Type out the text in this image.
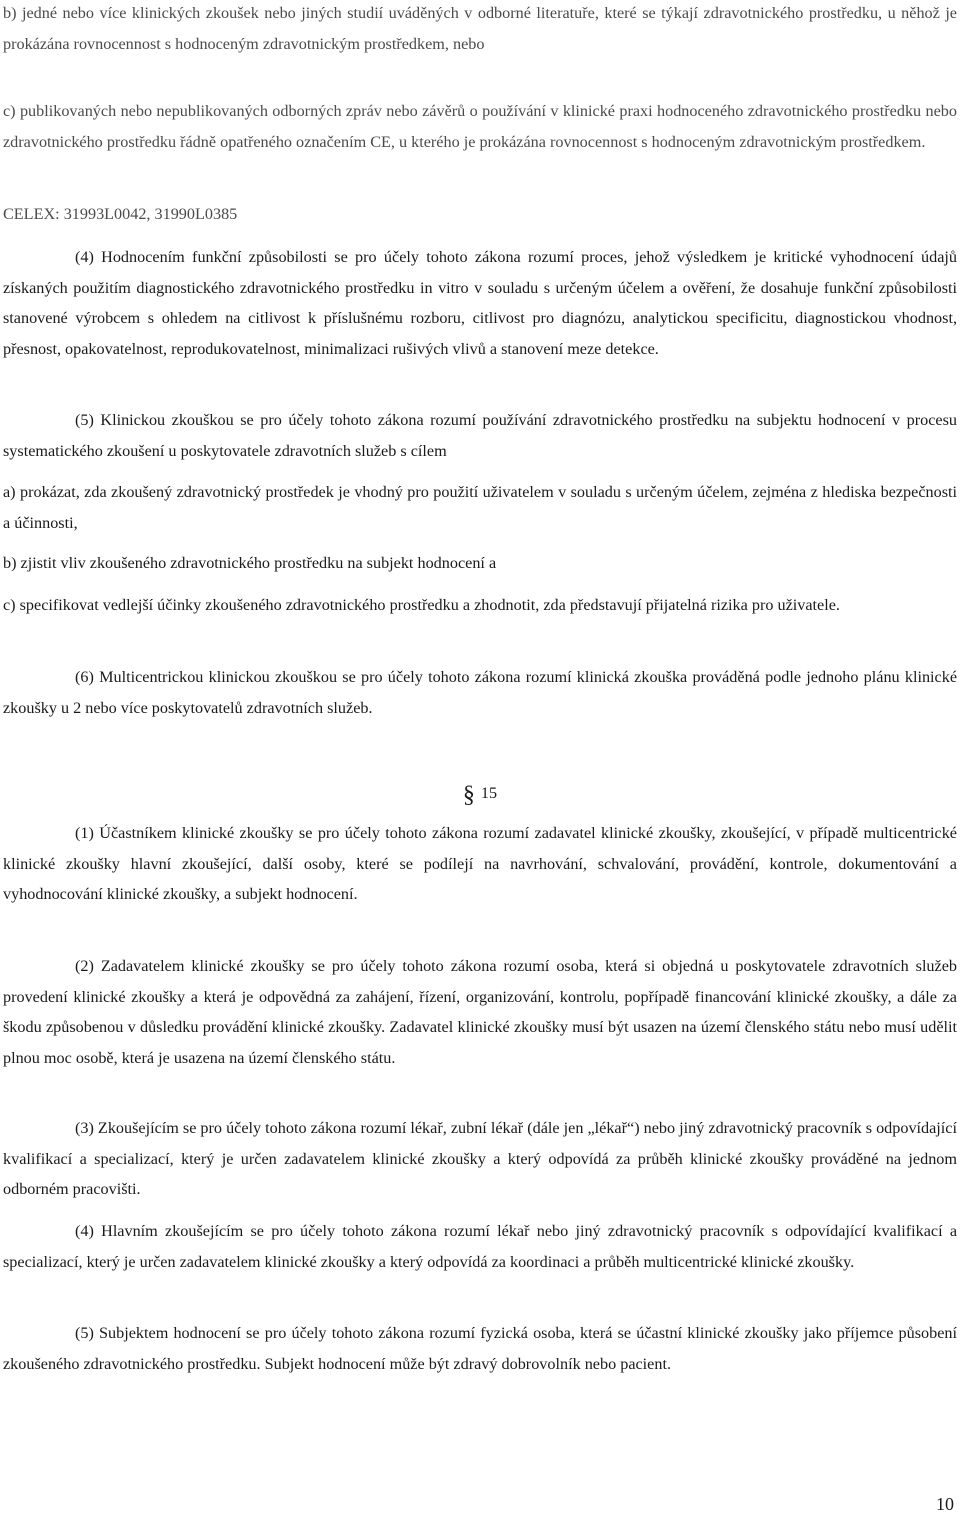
b) jedné nebo více klinických zkoušek nebo jiných studií uváděných v odborné literatuře, které se týkají zdravotnického prostředku, u něhož je prokázána rovnocennost s hodnoceným zdravotnickým prostředkem, nebo

c) publikovaných nebo nepublikovaných odborných zpráv nebo závěrů o používání v klinické praxi hodnoceného zdravotnického prostředku nebo zdravotnického prostředku řádně opatřeného označením CE, u kterého je prokázána rovnocennost s hodnoceným zdravotnickým prostředkem.

CELEX: 31993L0042, 31990L0385

(4) Hodnocením funkční způsobilosti se pro účely tohoto zákona rozumí proces, jehož výsledkem je kritické vyhodnocení údajů získaných použitím diagnostického zdravotnického prostředku in vitro v souladu s určeným účelem a ověření, že dosahuje funkční způsobilosti stanovené výrobcem s ohledem na citlivost k příslušnému rozboru, citlivost pro diagnózu, analytickou specificitu, diagnostickou vhodnost, přesnost, opakovatelnost, reprodukovatelnost, minimalizaci rušivých vlivů a stanovení meze detekce.

(5) Klinickou zkouškou se pro účely tohoto zákona rozumí používání zdravotnického prostředku na subjektu hodnocení v procesu systematického zkoušení u poskytovatele zdravotních služeb s cílem

a) prokázat, zda zkoušený zdravotnický prostředek je vhodný pro použití uživatelem v souladu s určeným účelem, zejména z hlediska bezpečnosti a účinnosti,

b) zjistit vliv zkoušeného zdravotnického prostředku na subjekt hodnocení a

c) specifikovat vedlejší účinky zkoušeného zdravotnického prostředku a zhodnotit, zda představují přijatelná rizika pro uživatele.

(6) Multicentrickou klinickou zkouškou se pro účely tohoto zákona rozumí klinická zkouška prováděná podle jednoho plánu klinické zkoušky u 2 nebo více poskytovatelů zdravotních služeb.

§ 15

(1) Účastníkem klinické zkoušky se pro účely tohoto zákona rozumí zadavatel klinické zkoušky, zkoušející, v případě multicentrické klinické zkoušky hlavní zkoušející, další osoby, které se podílejí na navrhování, schvalování, provádění, kontrole, dokumentování a vyhodnocování klinické zkoušky, a subjekt hodnocení.

(2) Zadavatelem klinické zkoušky se pro účely tohoto zákona rozumí osoba, která si objedná u poskytovatele zdravotních služeb provedení klinické zkoušky a která je odpovědná za zahájení, řízení, organizování, kontrolu, popřípadě financování klinické zkoušky, a dále za škodu způsobenou v důsledku provádění klinické zkoušky. Zadavatel klinické zkoušky musí být usazen na území členského státu nebo musí udělit plnou moc osobě, která je usazena na území členského státu.

(3) Zkoušejícím se pro účely tohoto zákona rozumí lékař, zubní lékař (dále jen „lékař“) nebo jiný zdravotnický pracovník s odpovídající kvalifikací a specializací, který je určen zadavatelem klinické zkoušky a který odpovídá za průběh klinické zkoušky prováděné na jednom odborném pracovišti.

(4) Hlavním zkoušejícím se pro účely tohoto zákona rozumí lékař nebo jiný zdravotnický pracovník s odpovídající kvalifikací a specializací, který je určen zadavatelem klinické zkoušky a který odpovídá za koordinaci a průběh multicentrické klinické zkoušky.

(5) Subjektem hodnocení se pro účely tohoto zákona rozumí fyzická osoba, která se účastní klinické zkoušky jako příjemce působení zkoušeného zdravotnického prostředku. Subjekt hodnocení může být zdravý dobrovolník nebo pacient.

10
